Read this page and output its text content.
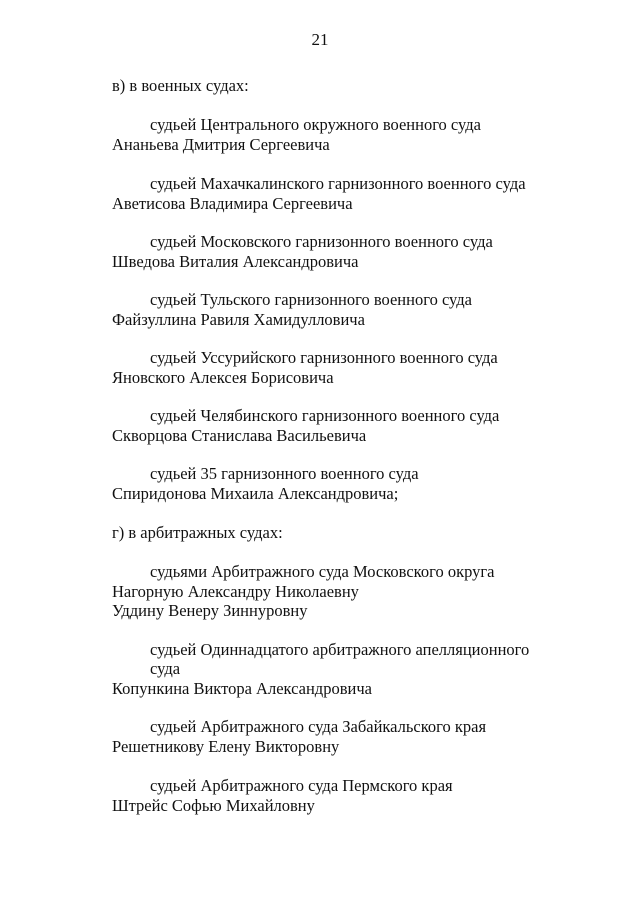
21
в) в военных судах:
судьей Центрального окружного военного суда
Ананьева Дмитрия Сергеевича
судьей Махачкалинского гарнизонного военного суда
Аветисова Владимира Сергеевича
судьей Московского гарнизонного военного суда
Шведова Виталия Александровича
судьей Тульского гарнизонного военного суда
Файзуллина Равиля Хамидулловича
судьей Уссурийского гарнизонного военного суда
Яновского Алексея Борисовича
судьей Челябинского гарнизонного военного суда
Скворцова Станислава Васильевича
судьей 35 гарнизонного военного суда
Спиридонова Михаила Александровича;
г) в арбитражных судах:
судьями Арбитражного суда Московского округа
Нагорную Александру Николаевну
Уддину Венеру Зиннуровну
судьей Одиннадцатого арбитражного апелляционного
суда
Копункина Виктора Александровича
судьей Арбитражного суда Забайкальского края
Решетникову Елену Викторовну
судьей Арбитражного суда Пермского края
Штрейс Софью Михайловну
